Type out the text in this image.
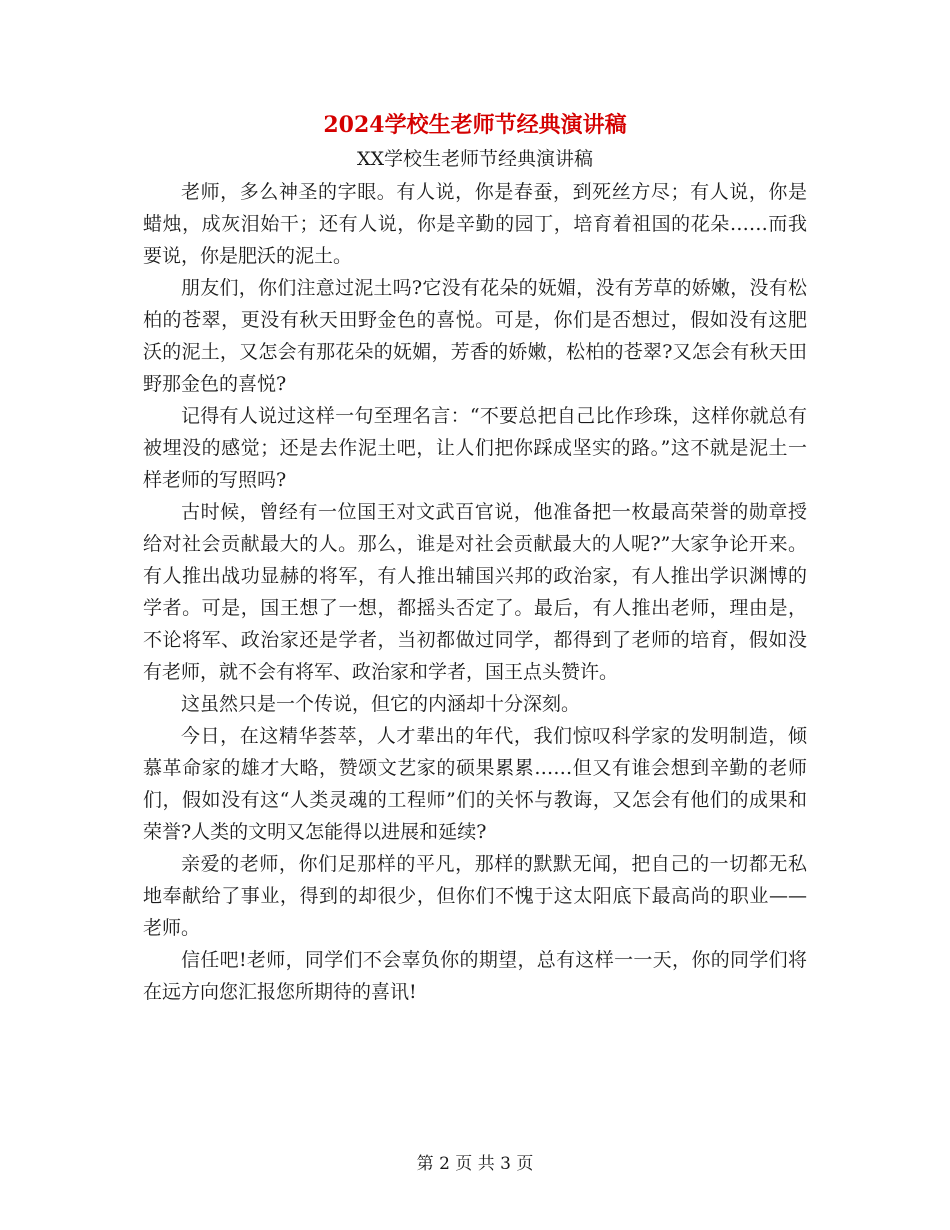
2024学校生老师节经典演讲稿
XX学校生老师节经典演讲稿

老师，多么神圣的字眼。有人说，你是春蚕，到死丝方尽；有人说，你是蜡烛，成灰泪始干；还有人说，你是辛勤的园丁，培育着祖国的花朵……而我要说，你是肥沃的泥土。

朋友们，你们注意过泥土吗?它没有花朵的妩媚，没有芳草的娇嫩，没有松柏的苍翠，更没有秋天田野金色的喜悦。可是，你们是否想过，假如没有这肥沃的泥土，又怎会有那花朵的妩媚，芳香的娇嫩，松柏的苍翠?又怎会有秋天田野那金色的喜悦?

记得有人说过这样一句至理名言：“不要总把自己比作珍珠，这样你就总有被埋没的感觉；还是去作泥土吧，让人们把你踩成坚实的路。”这不就是泥土一样老师的写照吗?

古时候，曾经有一位国王对文武百官说，他准备把一枚最高荣誉的勋章授给对社会贡献最大的人。那么，谁是对社会贡献最大的人呢?”大家争论开来。有人推出战功显赫的将军，有人推出辅国兴邦的政治家，有人推出学识渊博的学者。可是，国王想了一想，都摇头否定了。最后，有人推出老师，理由是，不论将军、政治家还是学者，当初都做过同学，都得到了老师的培育，假如没有老师，就不会有将军、政治家和学者，国王点头赞许。

这虽然只是一个传说，但它的内涵却十分深刻。

今日，在这精华荟萃，人才辈出的年代，我们惊叹科学家的发明制造，倾慕革命家的雄才大略，赞颂文艺家的硕果累累……但又有谁会想到辛勤的老师们，假如没有这“人类灵魂的工程师”们的关怀与教诲，又怎会有他们的成果和荣誉?人类的文明又怎能得以进展和延续?

亲爱的老师，你们足那样的平凡，那样的默默无闻，把自己的一切都无私地奉献给了事业，得到的却很少，但你们不愧于这太阳底下最高尚的职业——老师。

信任吧!老师，同学们不会辜负你的期望，总有这样一一天，你的同学们将在远方向您汇报您所期待的喜讯!

第 2 页 共 3 页
